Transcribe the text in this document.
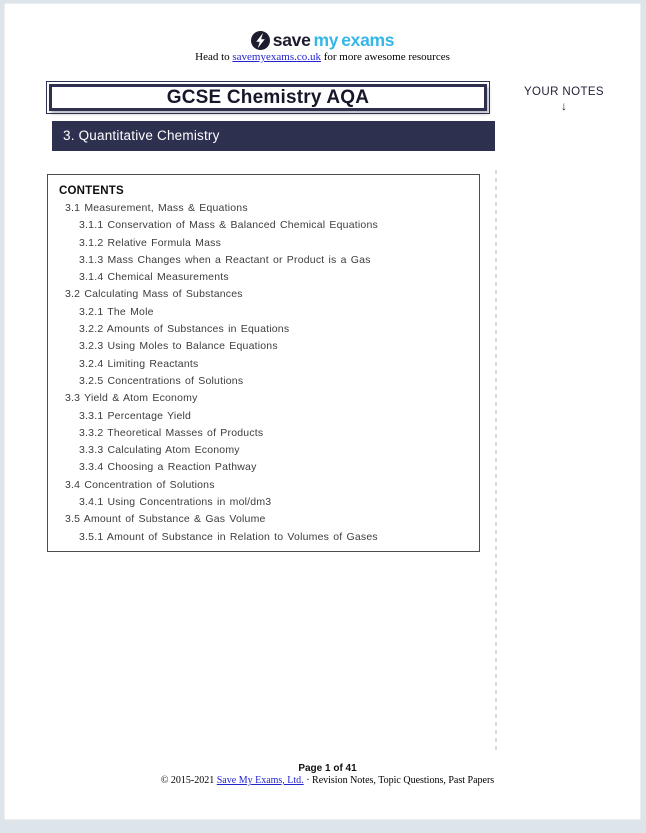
save my exams
Head to savemyexams.co.uk for more awesome resources
GCSE Chemistry AQA
3. Quantitative Chemistry
YOUR NOTES
↓
CONTENTS
3.1 Measurement, Mass & Equations
3.1.1 Conservation of Mass & Balanced Chemical Equations
3.1.2 Relative Formula Mass
3.1.3 Mass Changes when a Reactant or Product is a Gas
3.1.4 Chemical Measurements
3.2 Calculating Mass of Substances
3.2.1 The Mole
3.2.2 Amounts of Substances in Equations
3.2.3 Using Moles to Balance Equations
3.2.4 Limiting Reactants
3.2.5 Concentrations of Solutions
3.3 Yield & Atom Economy
3.3.1 Percentage Yield
3.3.2 Theoretical Masses of Products
3.3.3 Calculating Atom Economy
3.3.4 Choosing a Reaction Pathway
3.4 Concentration of Solutions
3.4.1 Using Concentrations in mol/dm3
3.5 Amount of Substance & Gas Volume
3.5.1 Amount of Substance in Relation to Volumes of Gases
Page 1 of 41
© 2015-2021 Save My Exams, Ltd. · Revision Notes, Topic Questions, Past Papers
